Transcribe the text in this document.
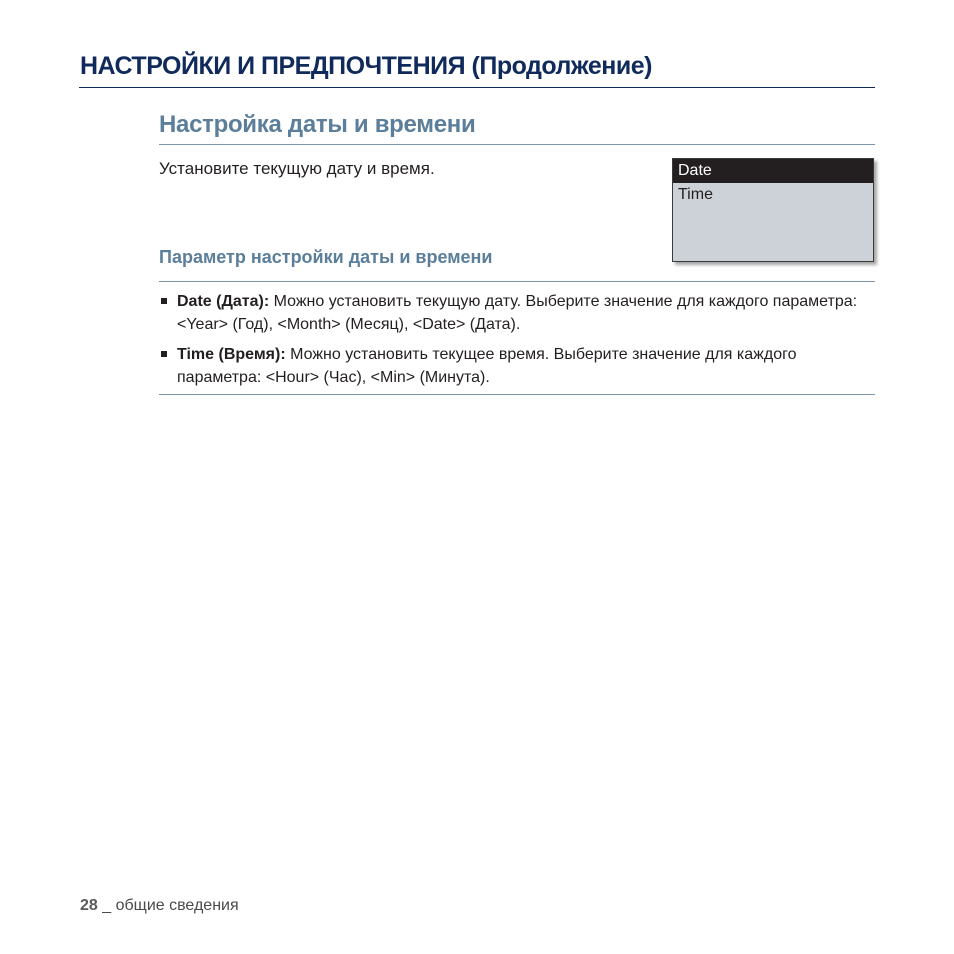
НАСТРОЙКИ И ПРЕДПОЧТЕНИЯ (Продолжение)
Настройка даты и времени
Установите текущую дату и время.	Date
Time
Параметр настройки даты и времени
Date (Дата): Можно установить текущую дату. Выберите значение для каждого параметра: <Year> (Год), <Month> (Месяц), <Date> (Дата).
Time (Время): Можно установить текущее время. Выберите значение для каждого параметра: <Hour> (Час), <Min> (Минута).
28 _ общие сведения
